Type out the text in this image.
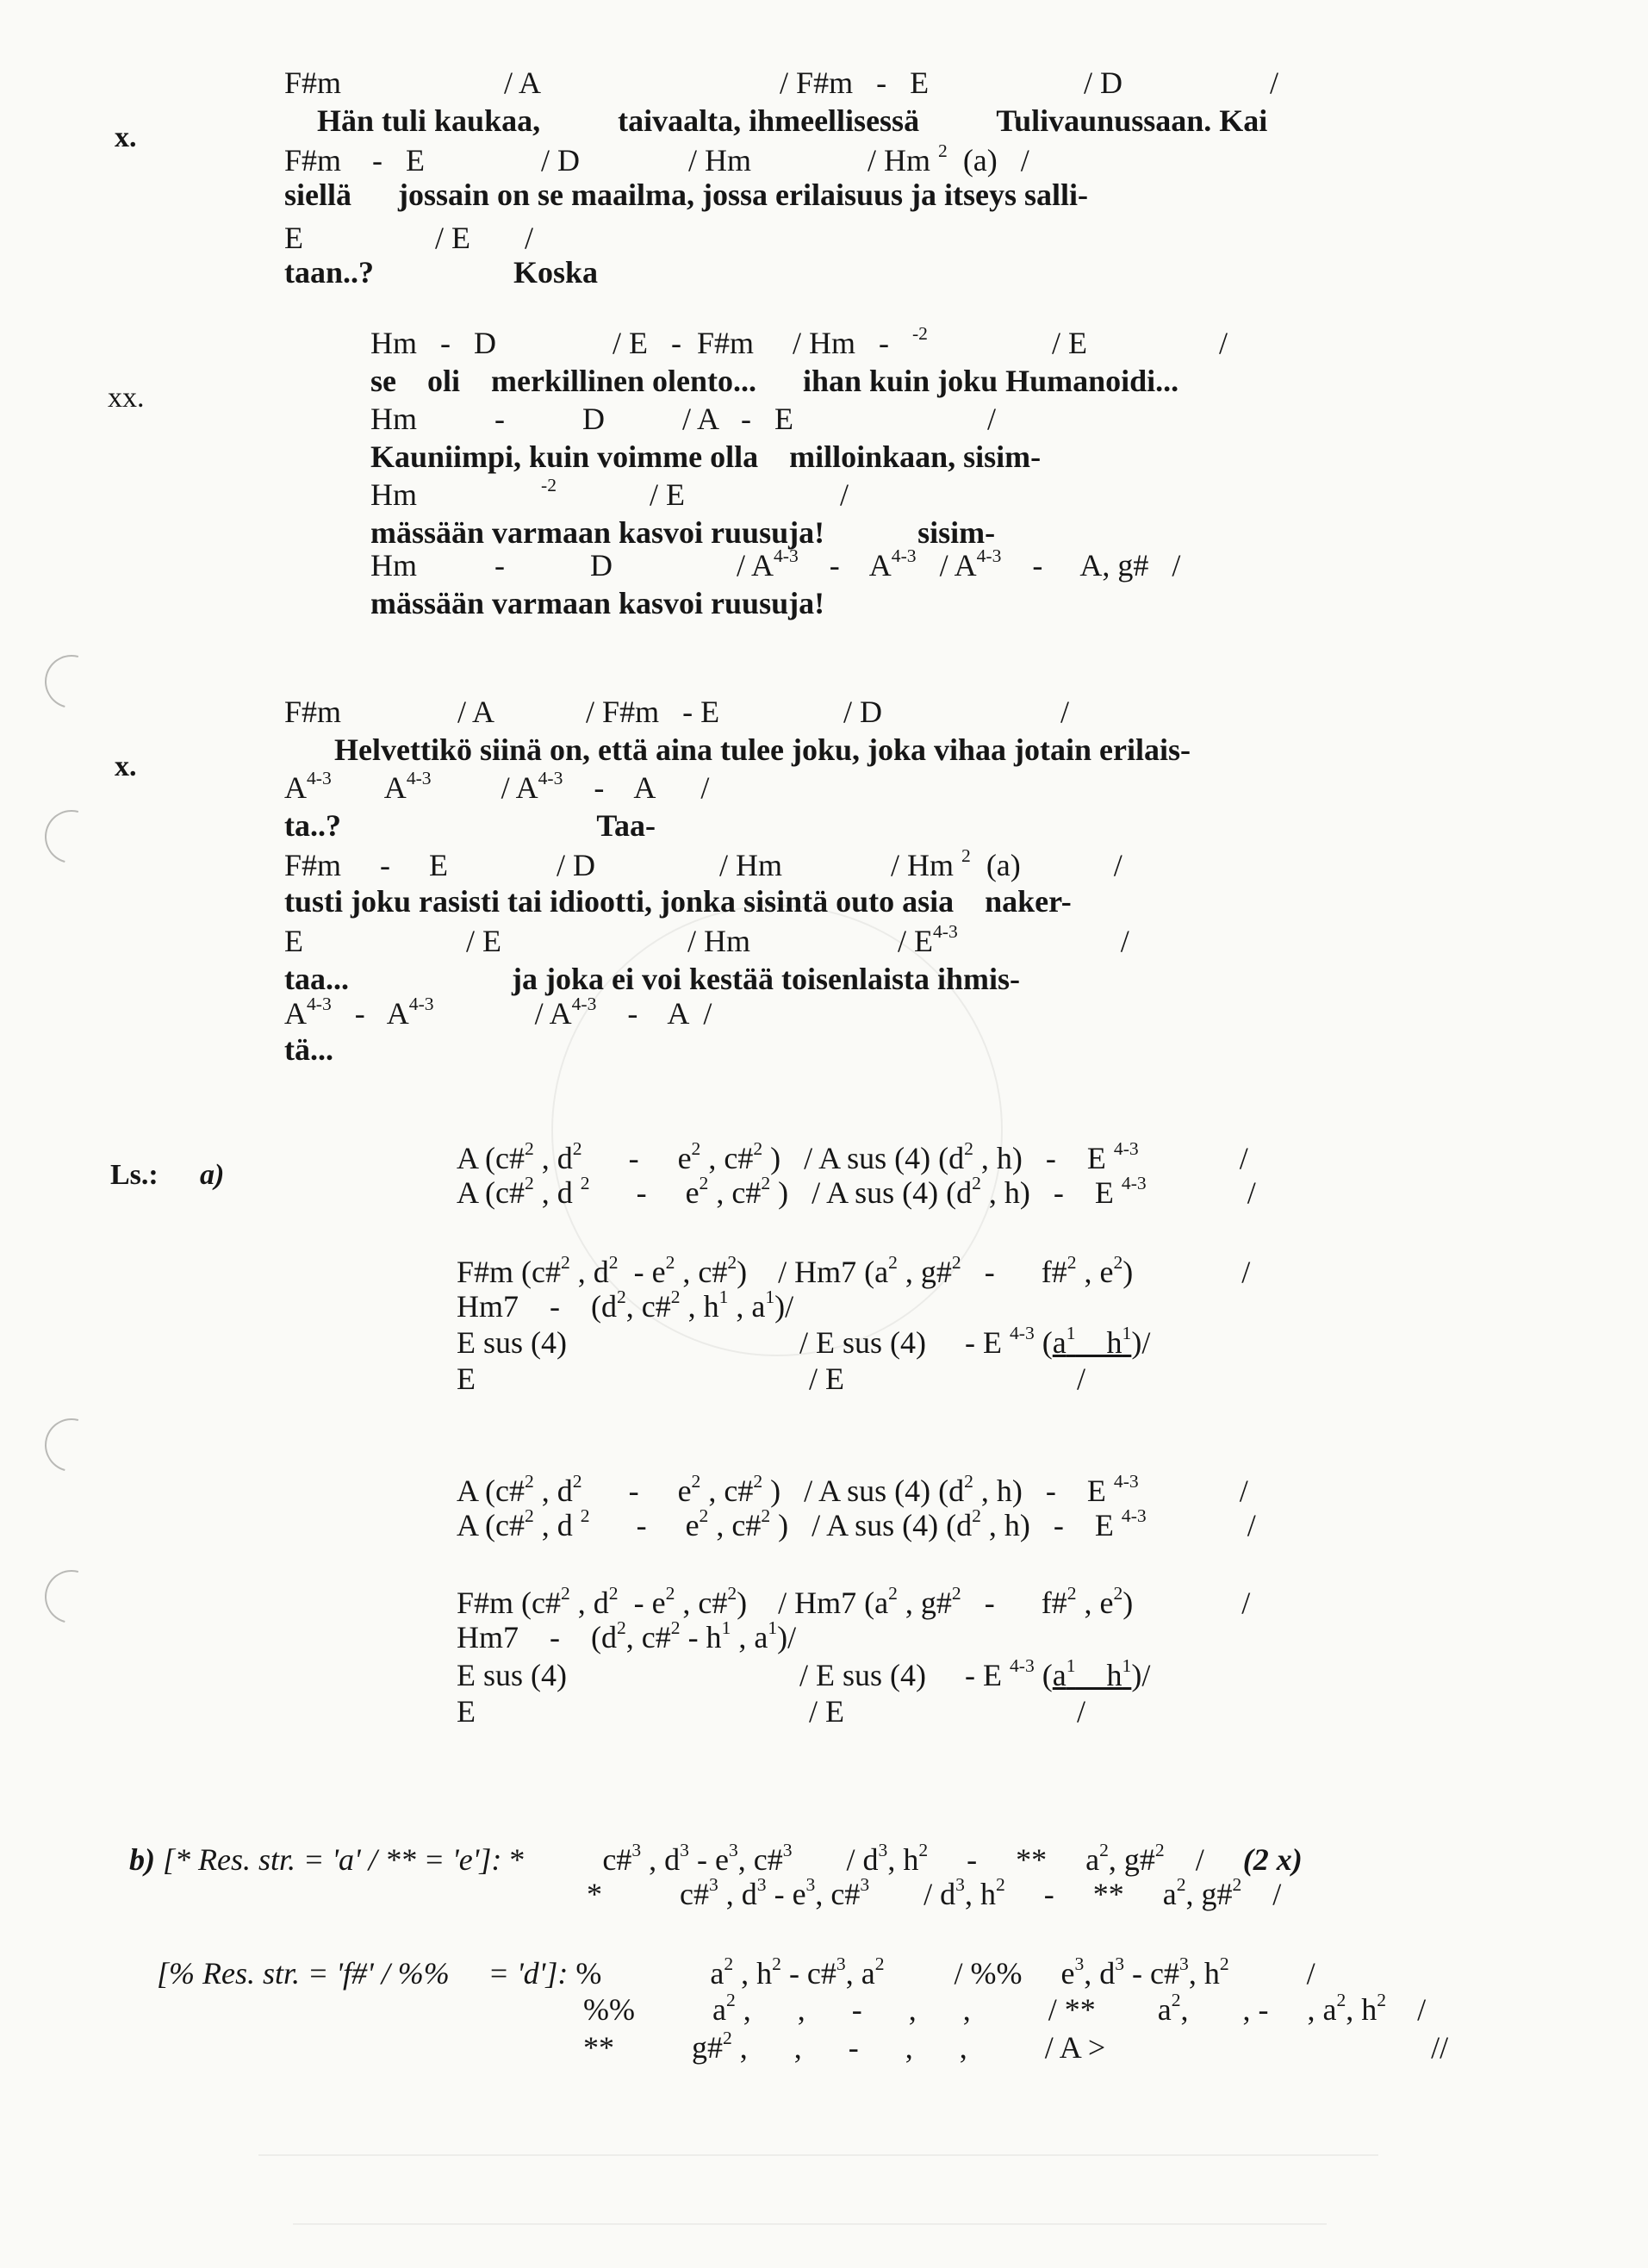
x.
xx.
x.
Ls.: a)
F#m                     / A                               / F#m   -   E                    / D                   /
Hän tuli kaukaa,          taivaalta, ihmeellisessä          Tulivaunussaan. Kai
F#m    -   E               / D              / Hm               / Hm $^2$  (a)   /
siellä      jossain on se maailma, jossa erilaisuus ja itseys salli-
E                 / E       /
taan..?                  Koska
Hm   -   D               / E   -  F#m     / Hm   -   $^{-2}$                / E                 /
se    oli    merkillinen olento...      ihan kuin joku Humanoidi...
Hm          -          D          / A   -   E                         /
Kauniimpi, kuin voimme olla    milloinkaan, sisim-
Hm                $^{-2}$            / E                    /
mässään varmaan kasvoi ruusuja!            sisim-
Hm          -           D                / $A^{4-3}$    -    $A^{4-3} / A^{4-3}$    -     A, g#   /
mässään varmaan kasvoi ruusuja!
F#m               / A            / F#m   - E                / D                       /
Helvettikö siinä on, että aina tulee joku, joka vihaa jotain erilais-
$A^{4-3}$       $A^{4-3}$         / $A^{4-3}$    -    A      /
ta..?                                 Taa-
F#m     -     E              / D                / Hm              / Hm $^2$  (a)            /
tusti joku rasisti tai idiootti, jonka sisintä outo asia    naker-
E                     / E                        / Hm                   / $E^{4-3}$                     /
taa...                     ja joka ei voi kestää toisenlaista ihmis-
$A^{4-3} - A^{4-3}$             / $A^{4-3}$    -    A  /
tä...
A (c#$^2$ , $d^2$      -     $e^2$ , c#$^2$ )   / A sus (4) ($d^2$ , h)   -    E $^{4-3}$             /
A (c#$^2$ , d $^2$      -     $e^2$ , c#$^2$ )   / A sus (4) ($d^2$ , h)   -    E $^{4-3}$             /
F#m (c#$^2$ , $d^2 - e^2$ , c#$^2$)    / Hm7 ($a^2$ , g#$^2$   -      f#$^2$ , $e^2$)              /
Hm7    -    ($d^2$, c#$^2$ , $h^1$ , $a^1)/$
E sus (4)                              / E sus (4)     - E $^{4-3}$ ($a^1$ _ $h^1)/$
E                                           / E                              /
A (c#$^2$ , $d^2$      -     $e^2$ , c#$^2$ )   / A sus (4) ($d^2$ , h)   -    E $^{4-3}$             /
A (c#$^2$ , d $^2$      -     $e^2$ , c#$^2$ )   / A sus (4) ($d^2$ , h)   -    E $^{4-3}$             /
F#m (c#$^2$ , $d^2 - e^2$ , c#$^2$)    / Hm7 ($a^2$ , g#$^2$   -      f#$^2$ , $e^2$)              /
Hm7    -    ($d^2$, c#$^2$ - $h^1$ , $a^1)/$
E sus (4)                              / E sus (4)     - E $^{4-3}$ ($a^1$ _ $h^1)/$
E                                           / E                              /
b) [* Res. str. = 'a' / ** = 'e']: *          c#$^3$ , $d^3 - e^3$, c#$^3$       / $d^3$, $h^2$     -     **     $a^2$, g#$^2$    /     (2 x)
*          c#$^3$ , $d^3 - e^3$, c#$^3$       / $d^3$, $h^2$     -     **     $a^2$, g#$^2$    /
[% Res. str. = 'f#' / %%     = 'd']: %              $a^2$ , $h^2$ - c#$^3$, $a^2$         / %%     $e^3$, $d^3$ - c#$^3$, $h^2$          /
%%          $a^2$ ,      ,      -      ,      ,          / **        $a^2$,       , -     , $a^2$, $h^2$    /
**          g#$^2$ ,      ,      -      ,      ,          / A >                                          //
